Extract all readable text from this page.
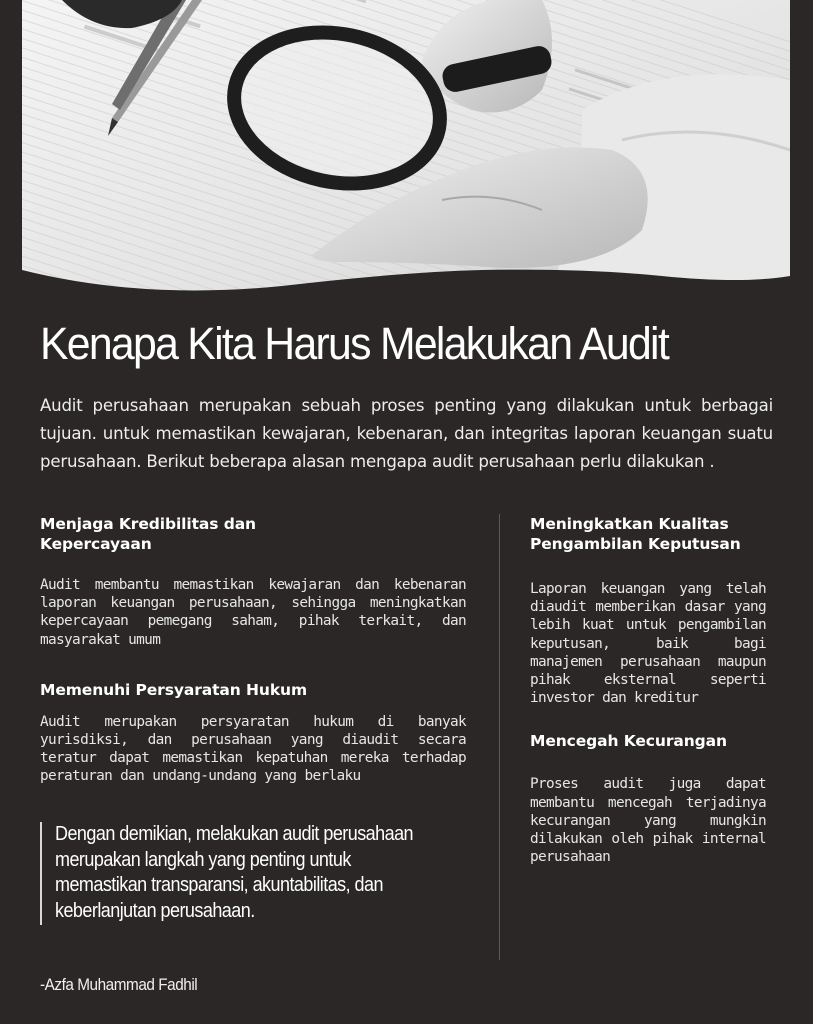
Kenapa Kita Harus Melakukan Audit

Audit perusahaan merupakan sebuah proses penting yang dilakukan untuk berbagai tujuan. untuk memastikan kewajaran, kebenaran, dan integritas laporan keuangan suatu perusahaan. Berikut beberapa alasan mengapa audit perusahaan perlu dilakukan .

Menjaga Kredibilitas dan
Kepercayaan

Audit membantu memastikan kewajaran dan kebenaran laporan keuangan perusahaan, sehingga meningkatkan kepercayaan pemegang saham, pihak terkait, dan masyarakat umum

Memenuhi Persyaratan Hukum

Audit merupakan persyaratan hukum di banyak yurisdiksi, dan perusahaan yang diaudit secara teratur dapat memastikan kepatuhan mereka terhadap peraturan dan undang-undang yang berlaku

Meningkatkan Kualitas
Pengambilan Keputusan

Laporan keuangan yang telah diaudit memberikan dasar yang lebih kuat untuk pengambilan keputusan, baik bagi manajemen perusahaan maupun pihak eksternal seperti investor dan kreditur

Mencegah Kecurangan

Proses audit juga dapat membantu mencegah terjadinya kecurangan yang mungkin dilakukan oleh pihak internal perusahaan

Dengan demikian, melakukan audit perusahaan merupakan langkah yang penting untuk memastikan transparansi, akuntabilitas, dan keberlanjutan perusahaan.
-Azfa Muhammad Fadhil
